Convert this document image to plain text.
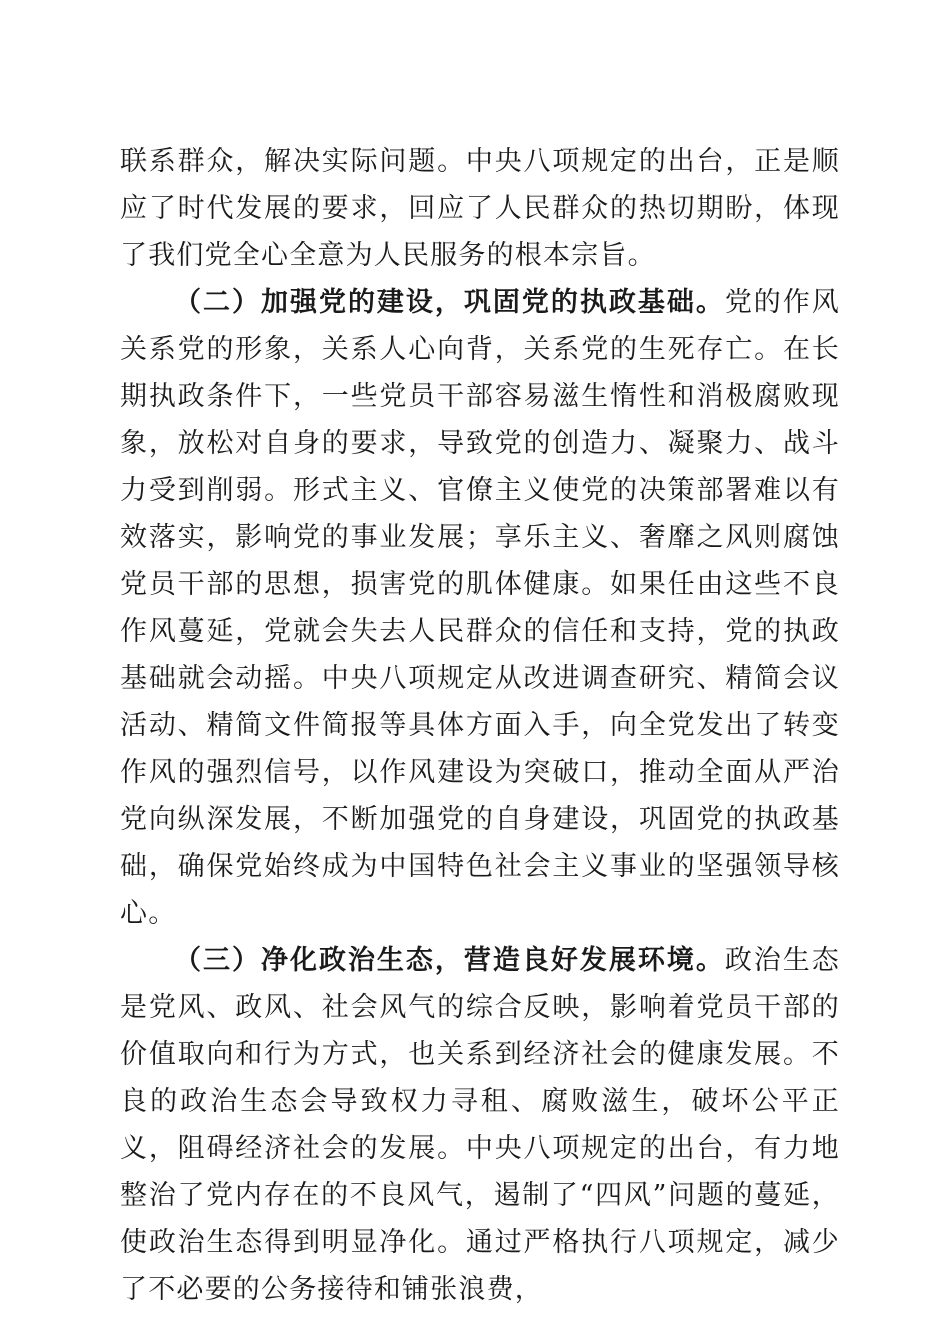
联系群众，解决实际问题。中央八项规定的出台，正是顺应了时代发展的要求，回应了人民群众的热切期盼，体现了我们党全心全意为人民服务的根本宗旨。

（二）加强党的建设，巩固党的执政基础。党的作风关系党的形象，关系人心向背，关系党的生死存亡。在长期执政条件下，一些党员干部容易滋生惰性和消极腐败现象，放松对自身的要求，导致党的创造力、凝聚力、战斗力受到削弱。形式主义、官僚主义使党的决策部署难以有效落实，影响党的事业发展；享乐主义、奢靡之风则腐蚀党员干部的思想，损害党的肌体健康。如果任由这些不良作风蔓延，党就会失去人民群众的信任和支持，党的执政基础就会动摇。中央八项规定从改进调查研究、精简会议活动、精简文件简报等具体方面入手，向全党发出了转变作风的强烈信号，以作风建设为突破口，推动全面从严治党向纵深发展，不断加强党的自身建设，巩固党的执政基础，确保党始终成为中国特色社会主义事业的坚强领导核心。

（三）净化政治生态，营造良好发展环境。政治生态是党风、政风、社会风气的综合反映，影响着党员干部的价值取向和行为方式，也关系到经济社会的健康发展。不良的政治生态会导致权力寻租、腐败滋生，破坏公平正义，阻碍经济社会的发展。中央八项规定的出台，有力地整治了党内存在的不良风气，遏制了“四风”问题的蔓延，使政治生态得到明显净化。通过严格执行八项规定，减少了不必要的公务接待和铺张浪费，
